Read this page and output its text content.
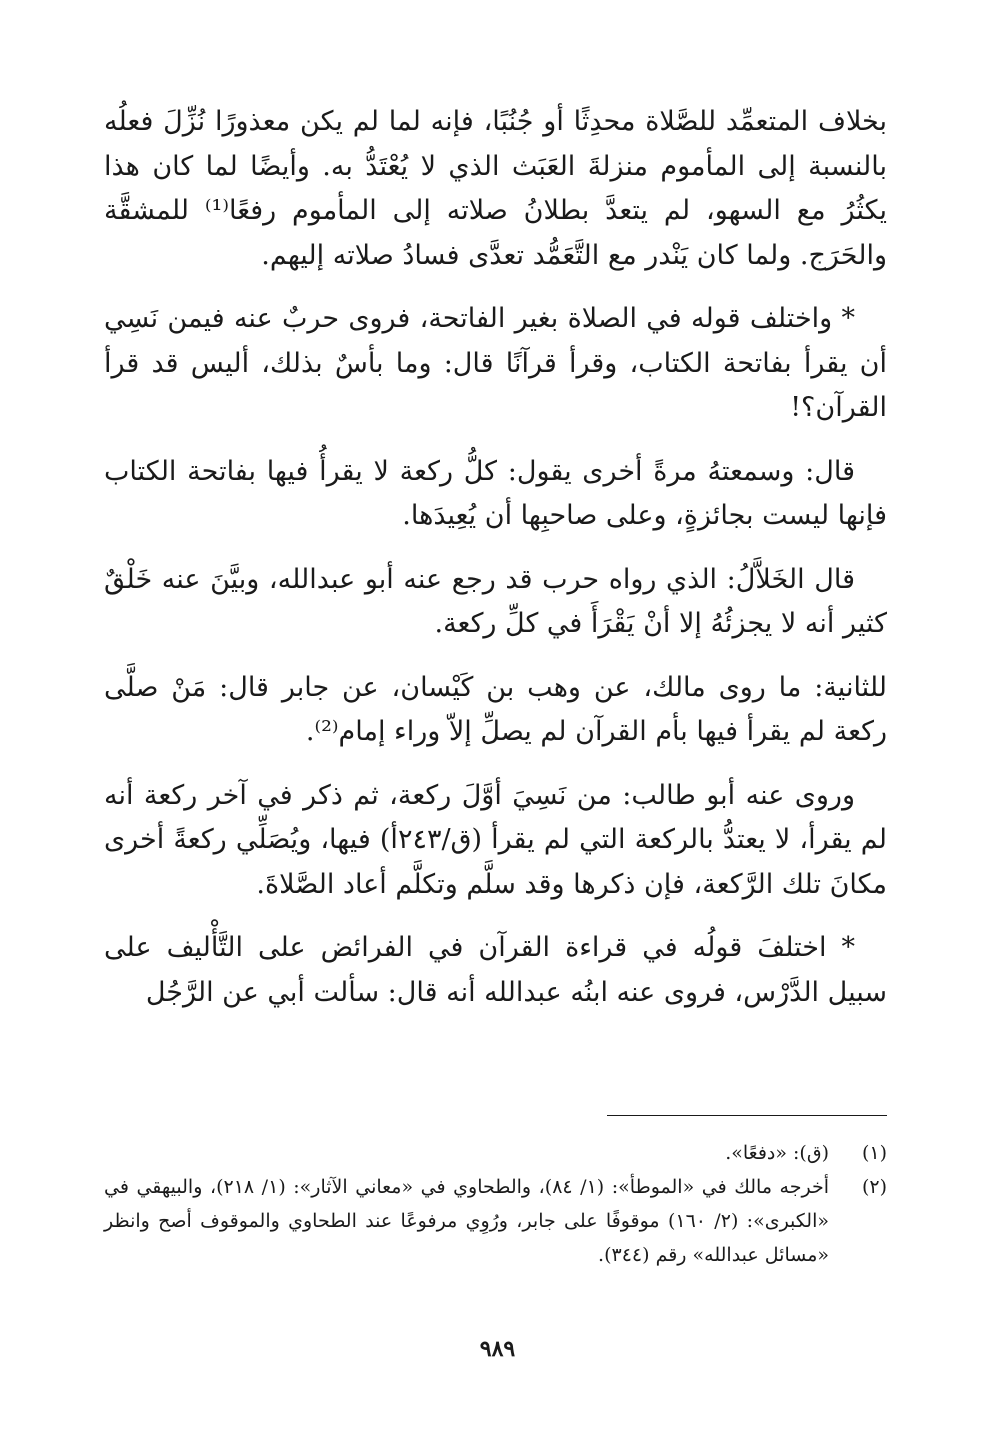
بخلاف المتعمِّد للصَّلاة محدِثًا أو جُنُبًا، فإنه لما لم يكن معذورًا نُزِّلَ فعلُه بالنسبة إلى المأموم منزلةَ العَبَث الذي لا يُعْتَدُّ به. وأيضًا لما كان هذا يكثُرُ مع السهو، لم يتعدَّ بطلانُ صلاته إلى المأموم رفعًا⁽¹⁾ للمشقَّة والحَرَج. ولما كان يَنْدر مع التَّعَمُّد تعدَّى فسادُ صلاته إليهم.

* واختلف قوله في الصلاة بغير الفاتحة، فروى حربٌ عنه فيمن نَسِي أن يقرأ بفاتحة الكتاب، وقرأ قرآنًا قال: وما بأسٌ بذلك، أليس قد قرأ القرآن؟!

قال: وسمعتهُ مرةً أخرى يقول: كلُّ ركعة لا يقرأُ فيها بفاتحة الكتاب فإنها ليست بجائزةٍ، وعلى صاحبِها أن يُعِيدَها.

قال الخَلاَّلُ: الذي رواه حرب قد رجع عنه أبو عبدالله، وبيَّنَ عنه خَلْقٌ كثير أنه لا يجزئُهُ إلا أنْ يَقْرَأَ في كلِّ ركعة.

للثانية: ما روى مالك، عن وهب بن كَيْسان، عن جابر قال: مَنْ صلَّى ركعة لم يقرأ فيها بأم القرآن لم يصلِّ إلاّ وراء إمام⁽²⁾.

وروى عنه أبو طالب: من نَسِيَ أوَّلَ ركعة، ثم ذكر في آخر ركعة أنه لم يقرأ، لا يعتدُّ بالركعة التي لم يقرأ (ق/٢٤٣أ) فيها، ويُصَلِّي ركعةً أخرى مكانَ تلك الرَّكعة، فإن ذكرها وقد سلَّم وتكلَّم أعاد الصَّلاةَ.

* اختلفَ قولُه في قراءة القرآن في الفرائض على التَّأْليف على سبيل الدَّرْس، فروى عنه ابنُه عبدالله أنه قال: سألت أبي عن الرَّجُل

(١)
(ق): «دفعًا».
(٢)
أخرجه مالك في «الموطأ»: (١/ ٨٤)، والطحاوي في «معاني الآثار»: (١/ ٢١٨)، والبيهقي في «الكبرى»: (٢/ ١٦٠) موقوفًا على جابر، ورُوِي مرفوعًا عند الطحاوي والموقوف أصح وانظر «مسائل عبدالله» رقم (٣٤٤).
٩٨٩
